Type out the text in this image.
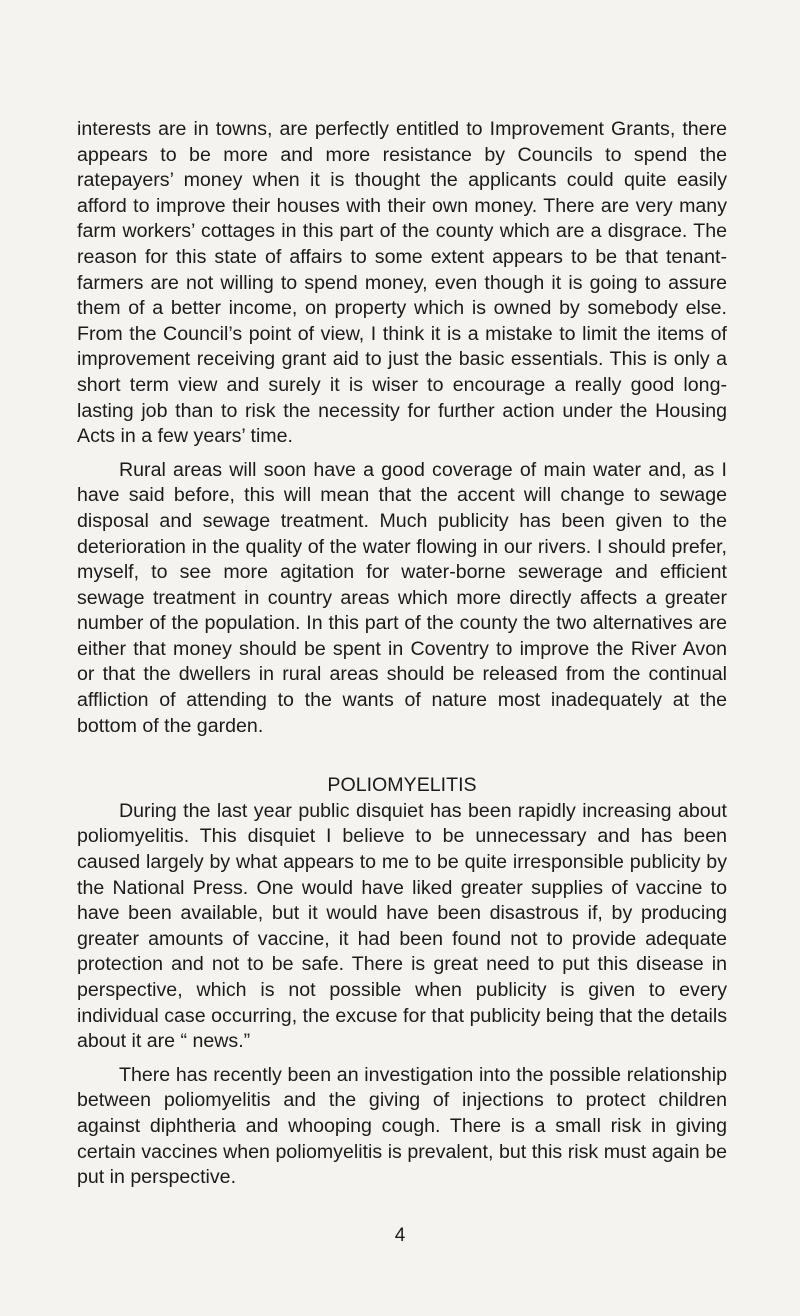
interests are in towns, are perfectly entitled to Improvement Grants, there appears to be more and more resistance by Councils to spend the ratepayers’ money when it is thought the applicants could quite easily afford to improve their houses with their own money. There are very many farm workers’ cottages in this part of the county which are a disgrace. The reason for this state of affairs to some extent appears to be that tenant-farmers are not willing to spend money, even though it is going to assure them of a better income, on property which is owned by somebody else. From the Council’s point of view, I think it is a mistake to limit the items of improvement receiving grant aid to just the basic essentials. This is only a short term view and surely it is wiser to encourage a really good long-lasting job than to risk the necessity for further action under the Housing Acts in a few years’ time.

Rural areas will soon have a good coverage of main water and, as I have said before, this will mean that the accent will change to sewage disposal and sewage treatment. Much publicity has been given to the deterioration in the quality of the water flowing in our rivers. I should prefer, myself, to see more agitation for water-borne sewerage and efficient sewage treatment in country areas which more directly affects a greater number of the population. In this part of the county the two alternatives are either that money should be spent in Coventry to improve the River Avon or that the dwellers in rural areas should be released from the continual affliction of attending to the wants of nature most inadequately at the bottom of the garden.

POLIOMYELITIS

During the last year public disquiet has been rapidly increasing about poliomyelitis. This disquiet I believe to be unnecessary and has been caused largely by what appears to me to be quite irresponsible publicity by the National Press. One would have liked greater supplies of vaccine to have been available, but it would have been disastrous if, by producing greater amounts of vaccine, it had been found not to provide adequate protection and not to be safe. There is great need to put this disease in perspective, which is not possible when publicity is given to every individual case occurring, the excuse for that publicity being that the details about it are “ news.”

There has recently been an investigation into the possible relationship between poliomyelitis and the giving of injections to protect children against diphtheria and whooping cough. There is a small risk in giving certain vaccines when poliomyelitis is prevalent, but this risk must again be put in perspective.

4
